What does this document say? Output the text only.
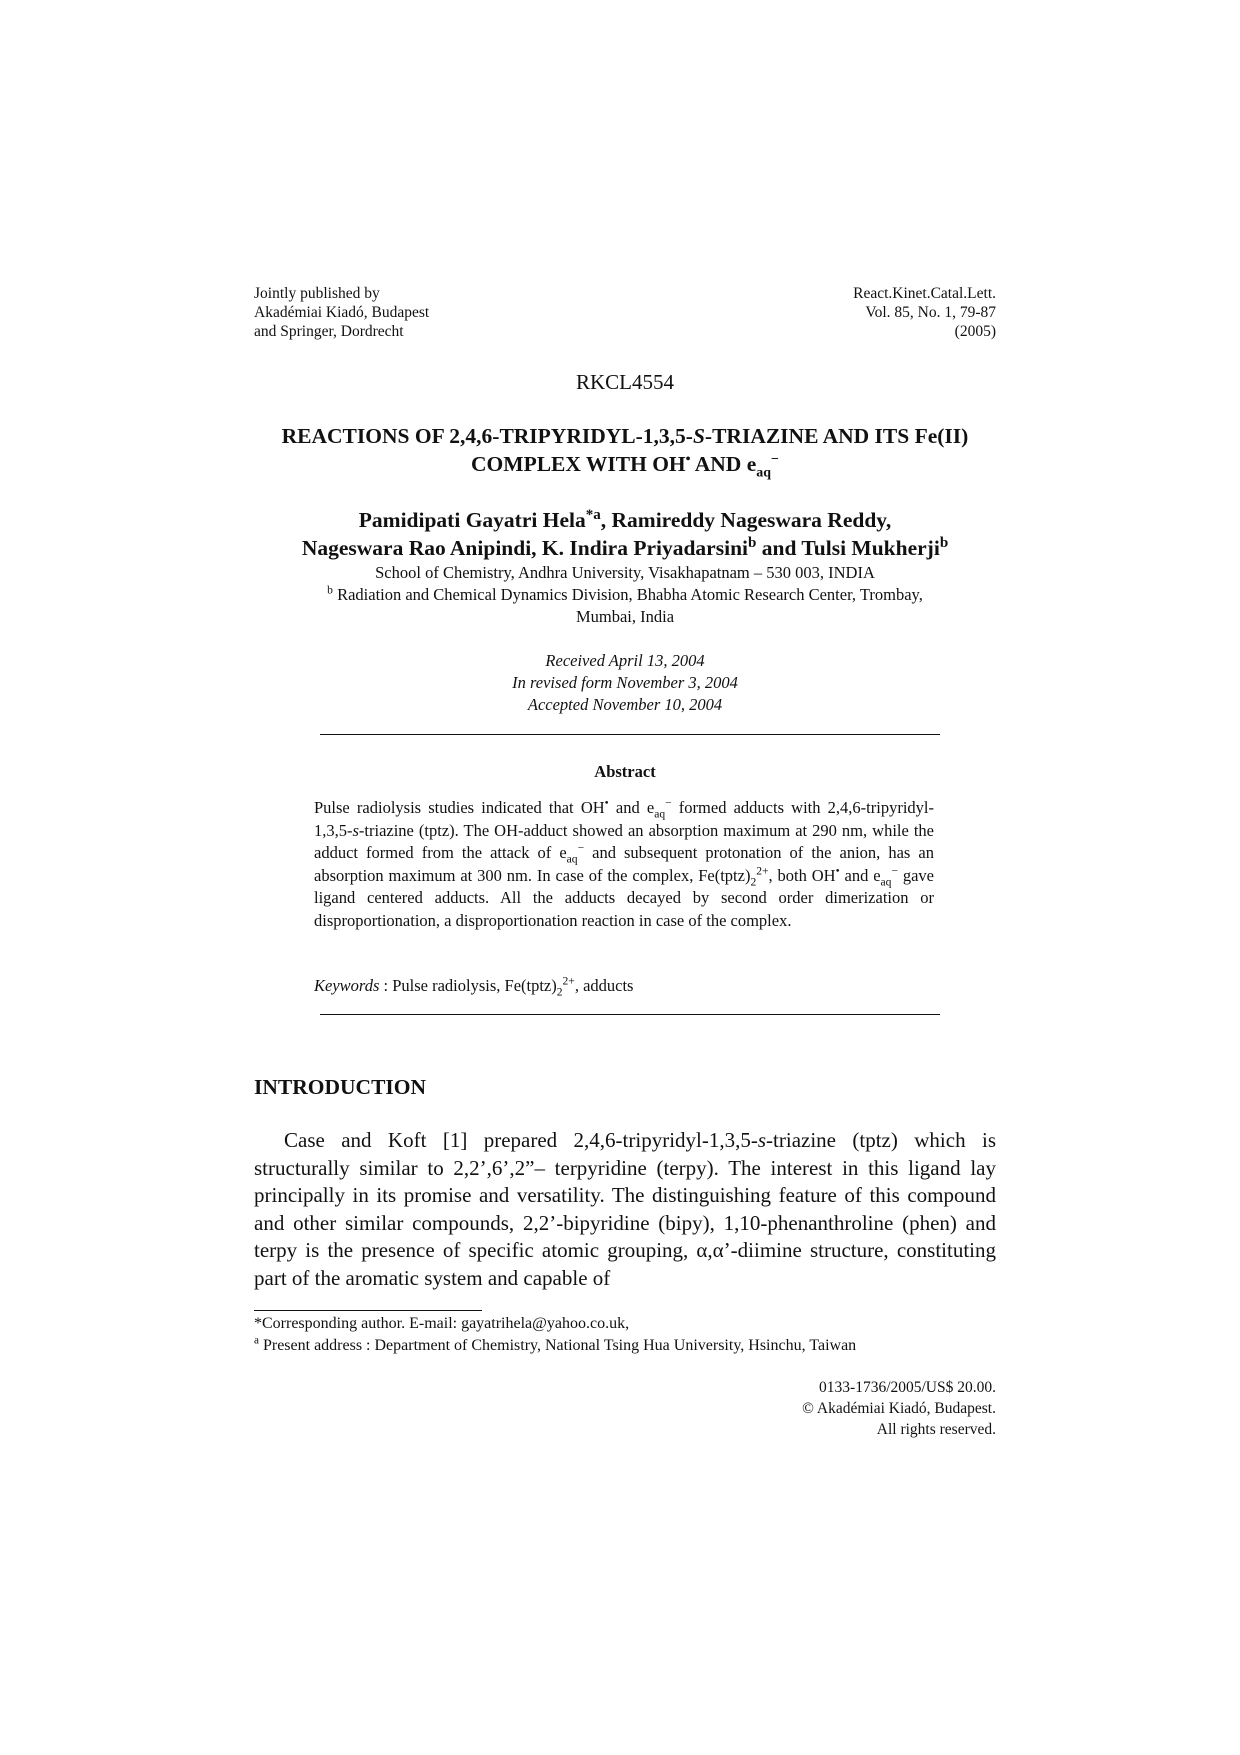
Jointly published by
Akadémiai Kiadó, Budapest
and Springer, Dordrecht
React.Kinet.Catal.Lett.
Vol. 85, No. 1, 79-87
(2005)
RKCL4554
REACTIONS OF 2,4,6-TRIPYRIDYL-1,3,5-S-TRIAZINE AND ITS Fe(II)
COMPLEX WITH OH• AND $e_{aq}^-$
Pamidipati Gayatri Hela$^{*a}$, Ramireddy Nageswara Reddy,
Nageswara Rao Anipindi, K. Indira Priyadarsini$^b$ and Tulsi Mukherji$^b$
School of Chemistry, Andhra University, Visakhapatnam – 530 003, INDIA
$^b$ Radiation and Chemical Dynamics Division, Bhabha Atomic Research Center, Trombay,
Mumbai, India
Received April 13, 2004
In revised form November 3, 2004
Accepted November 10, 2004
Abstract
Pulse radiolysis studies indicated that OH• and $e_{aq}^-$ formed adducts with 2,4,6-tripyridyl-1,3,5-s-triazine (tptz). The OH-adduct showed an absorption maximum at 290 nm, while the adduct formed from the attack of $e_{aq}^-$ and subsequent protonation of the anion, has an absorption maximum at 300 nm. In case of the complex, $Fe(tptz)_2^{2+}$, both OH• and $e_{aq}^-$ gave ligand centered adducts. All the adducts decayed by second order dimerization or disproportionation, a disproportionation reaction in case of the complex.
Keywords : Pulse radiolysis, $Fe(tptz)_2^{2+}$, adducts
INTRODUCTION
Case and Koft [1] prepared 2,4,6-tripyridyl-1,3,5-s-triazine (tptz) which is structurally similar to 2,2’,6’,2”– terpyridine (terpy). The interest in this ligand lay principally in its promise and versatility. The distinguishing feature of this compound and other similar compounds, 2,2’-bipyridine (bipy), 1,10-phenanthroline (phen) and terpy is the presence of specific atomic grouping, α,α’-diimine structure, constituting part of the aromatic system and capable of
*Corresponding author. E-mail: gayatrihela@yahoo.co.uk,
$^a$ Present address : Department of Chemistry, National Tsing Hua University, Hsinchu, Taiwan
0133-1736/2005/US$ 20.00.
© Akadémiai Kiadó, Budapest.
All rights reserved.
